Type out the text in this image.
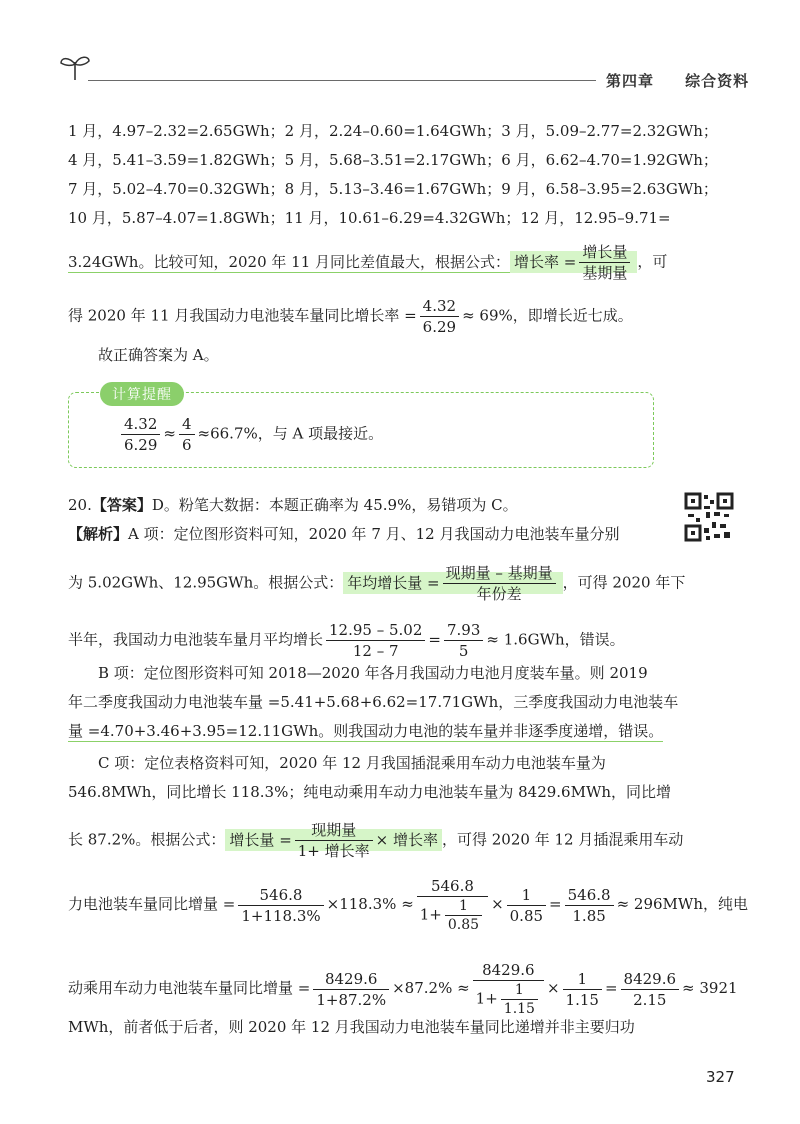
第四章 综合资料
1 月，4.97–2.32=2.65GWh；2 月，2.24–0.60=1.64GWh；3 月，5.09–2.77=2.32GWh；
4 月，5.41–3.59=1.82GWh；5 月，5.68–3.51=2.17GWh；6 月，6.62–4.70=1.92GWh；
7 月，5.02–4.70=0.32GWh；8 月，5.13–3.46=1.67GWh；9 月，6.58–3.95=2.63GWh；
10 月，5.87–4.07=1.8GWh；11 月，10.61–6.29=4.32GWh；12 月，12.95–9.71=
3.24GWh。比较可知，2020 年 11 月同比差值最大，根据公式： 增长率 = $\frac{\text{增长量}}{\text{基期量}}$ ，可
得 2020 年 11 月我国动力电池装车量同比增长率 = $\frac{4.32}{6.29} \approx 69\%$，即增长近七成。
故正确答案为 A。
计算提醒
$\frac{4.32}{6.29} \approx \frac{4}{6} \approx 66.7\%$，与 A 项最接近。
20.【答案】D。粉笔大数据：本题正确率为 45.9%，易错项为 C。
【解析】A 项：定位图形资料可知，2020 年 7 月、12 月我国动力电池装车量分别
为 5.02GWh、12.95GWh。根据公式： 年均增长量 = $\frac{\text{现期量 – 基期量}}{\text{年份差}}$ ，可得 2020 年下
半年，我国动力电池装车量月平均增长 $\frac{12.95 - 5.02}{12 - 7} = \frac{7.93}{5} \approx 1.6GWh$，错误。
B 项：定位图形资料可知 2018—2020 年各月我国动力电池月度装车量。则 2019
年二季度我国动力电池装车量 =5.41+5.68+6.62=17.71GWh，三季度我国动力电池装车
量 =4.70+3.46+3.95=12.11GWh。则我国动力电池的装车量并非逐季度递增，错误。
C 项：定位表格资料可知，2020 年 12 月我国插混乘用车动力电池装车量为
546.8MWh，同比增长 118.3%；纯电动乘用车动力电池装车量为 8429.6MWh，同比增
长 87.2%。根据公式： 增长量 = $\frac{\text{现期量}}{\text{1+ 增长率}}$ × 增长率 ，可得 2020 年 12 月插混乘用车动
力电池装车量同比增量 = $\frac{546.8}{1+118.3\%} \times 118.3\% \approx \frac{546.8}{1+ \frac{1}{0.85}} \times \frac{1}{0.85} = \frac{546.8}{1.85} \approx 296MWh$，纯电
动乘用车动力电池装车量同比增量 = $\frac{8429.6}{1+87.2\%} \times 87.2\% \approx \frac{8429.6}{1+ \frac{1}{1.15}} \times \frac{1}{1.15} = \frac{8429.6}{2.15} \approx 3921$
MWh，前者低于后者，则 2020 年 12 月我国动力电池装车量同比递增并非主要归功
327
